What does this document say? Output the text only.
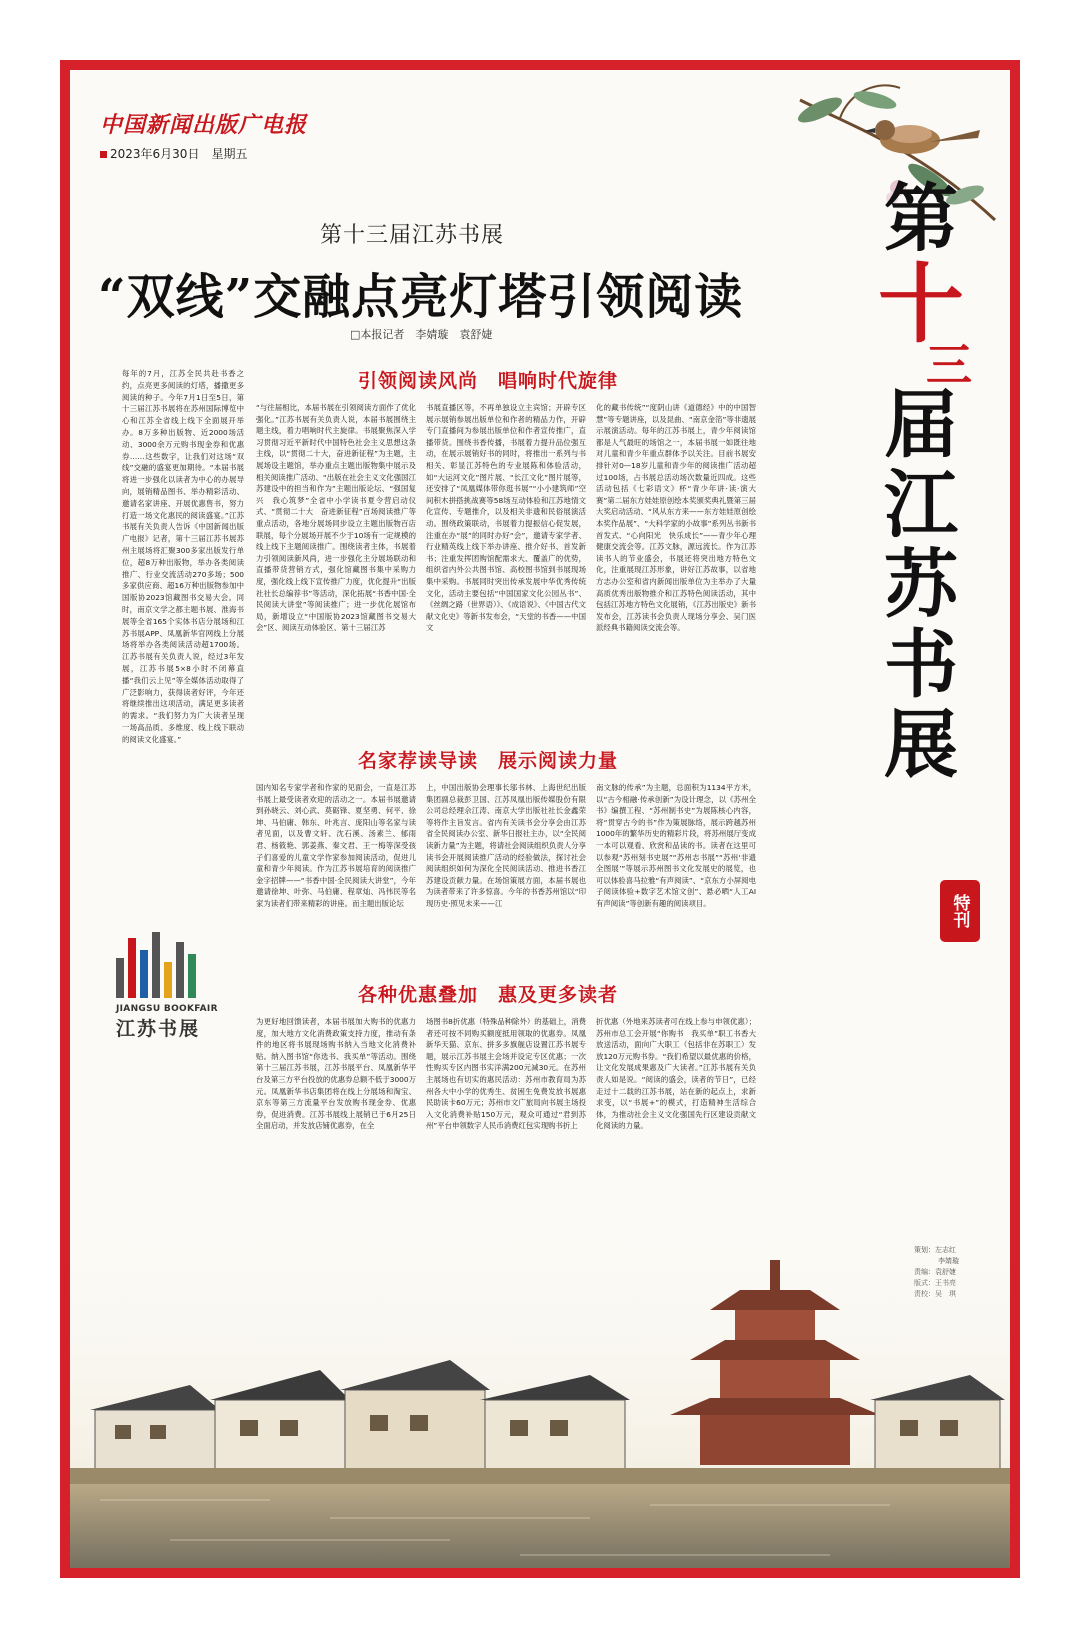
中国新闻出版广电报
2023年6月30日　 星期五
第十三届江苏书展
“双线”交融点亮灯塔引领阅读
□本报记者　李婧璇　袁舒婕
第
十
三
届
江
苏
书
展
特刊
每年的7月，江苏全民共赴书香之约，点亮更多阅读的灯塔，播撒更多阅读的种子。今年7月1日至5日，第十三届江苏书展将在苏州国际博览中心和江苏全省线上线下全面展开举办。8万多种出版物、近2000场活动、3000余万元购书现金券和优惠券……这些数字，让我们对这场“双线”交融的盛宴更加期待。“本届书展将进一步强化以读者为中心的办展导向，展销精品图书、举办精彩活动、邀请名家讲座、开展优惠售书，努力打造一场文化惠民的阅读盛宴。”江苏书展有关负责人告诉《中国新闻出版广电报》记者，第十三届江苏书展苏州主展场将汇聚300多家出版发行单位，超8万种出版物，举办各类阅读推广、行业交流活动270多场；500多家供应商、超16万种出版物参加中国版协2023馆藏图书交易大会。同时，南京文学之都主题书展、淮海书展等全省165个实体书店分展场和江苏书展APP、凤凰新华官网线上分展场将举办各类阅读活动超1700场。江苏书展有关负责人说，经过3年发展，江苏书展5×8小时不闭幕直播“我们云上见”等全媒体活动取得了广泛影响力，获得读者好评，今年还将继续推出这项活动，满足更多读者的需求。“我们努力为广大读者呈现一场高品质、多维度、线上线下联动的阅读文化盛宴。”
引领阅读风尚　唱响时代旋律
“与往届相比，本届书展在引领阅读方面作了优化强化。”江苏书展有关负责人说，本届书展围绕主题主线，着力唱响时代主旋律。书展聚焦深入学习贯彻习近平新时代中国特色社会主义思想这条主线，以“贯彻二十大，奋进新征程”为主题，主展场设主题馆，举办重点主题出版物集中展示及相关阅读推广活动、“出版在社会主义文化强国江苏建设中的担当和作为”主题出版论坛、“强国复兴　我心筑梦”全省中小学读书夏令营启动仪式、“贯彻二十大　奋进新征程”百场阅读推广等重点活动，各地分展场同步设立主题出版物百店联展，每个分展场开展不少于10场有一定规模的线上线下主题阅读推广。围绕读者主体，书展着力引领阅读新风尚，进一步强化主分展场联动和直播带货营销方式，强化馆藏图书集中采购力度，强化线上线下宣传推广力度，优化提升“出版社社长总编荐书”等活动，深化拓展“书香中国·全民阅读大讲堂”等阅读推广；进一步优化展馆布局，新增设立“中国版协2023馆藏图书交易大会”区、阅读互动体验区、第十三届江苏
书展直播区等，不再单独设立主宾馆；开辟专区展示展销参展出版单位和作者的精品力作，开辟专门直播间为参展出版单位和作者宣传推广，直播带货。围绕书香传播，书展着力提升品位强互动，在展示展销好书的同时，将推出一系列与书相关、彰显江苏特色的专业展陈和体验活动，如“大运河文化”图片展、“长江文化”图片展等，还安排了“凤凰媒体带你逛书展”“小小建筑师”空间积木拼搭挑战赛等58场互动体验和江苏地情文化宣传、专题推介，以及相关非遗和民俗展演活动。围绕政策联动，书展着力提振信心促发展，注重在办“展”的同时办好“会”，邀请专家学者、行业精英线上线下举办讲座、推介好书、首发新书；注重发挥团购馆配需求大、覆盖广的优势，组织省内外公共图书馆、高校图书馆到书展现场集中采购。书展同时突出传承发展中华优秀传统文化，活动主要包括“中国国家文化公园丛书”、《丝绸之路（世界语）》、《成语说》、《中国古代文献文化史》等新书发布会，“天堂的书香——中国文
化的藏书传统”“度阴山讲《道德经》中的中国智慧”等专题讲座，以及昆曲、“南京金箔”等非遗展示展演活动。每年的江苏书展上，青少年阅读馆都是人气最旺的场馆之一，本届书展一如既往地对儿童和青少年重点群体予以关注。目前书展安排针对0—18岁儿童和青少年的阅读推广活动超过100场，占书展总活动场次数量近四成。这些活动包括《七彩语文》杯“青少年讲·读·演大赛”第二届东方娃娃原创绘本奖颁奖典礼暨第三届大奖启动活动、“风从东方来——东方娃娃原创绘本奖作品展”、“大科学家的小故事”系列丛书新书首发式、“心向阳光　快乐成长”——青少年心理健康交流会等。江苏文脉，源远流长。作为江苏读书人的节业盛会，书展还将突出地方特色文化，注重展现江苏形象，讲好江苏故事，以省地方志办公室和省内新闻出版单位为主举办了大量高质优秀出版物推介和江苏特色阅读活动，其中包括江苏地方特色文化展销，《江苏出版史》新书发布会，江苏读书会负责人现场分享会、吴门医派经典书籍阅读交流会等。
名家荐读导读　展示阅读力量
国内知名专家学者和作家的见面会，一直是江苏书展上最受读者欢迎的活动之一。本届书展邀请到孙晓云、刘心武、莫砺锋、夏坚勇、何平、徐坤、马伯庸、韩东、叶兆言、庞阳山等名家与读者见面，以及曹文轩、沈石溪、汤素兰、郁雨君、杨筱艳、郭姜燕、秦文君、王一梅等深受孩子们喜爱的儿童文学作家参加阅读活动，促进儿童和青少年阅读。作为江苏书展培育的阅读推广金字招牌——“书香中国·全民阅读大讲堂”，今年邀请徐坤、叶弥、马伯庸、程章灿、冯伟民等名家为读者们带来精彩的讲座。而主题出版论坛
上，中国出版协会理事长邬书林、上海世纪出版集团副总裁彭卫国、江苏凤凰出版传媒股份有限公司总经理佘江涛、南京大学出版社社长金鑫荣等将作主旨发言。省内有关读书会分享会由江苏省全民阅读办公室、新华日报社主办，以“全民阅读新力量”为主题，将请社会阅读组织负责人分享读书会开展阅读推广活动的经验做法，探讨社会阅读组织如何为深化全民阅读活动、推进书香江苏建设贡献力量。在场馆策展方面，本届书展也为读者带来了许多惊喜。今年的书香苏州馆以“印现历史·照见未来——江
南文脉的传承”为主题，总面积为1134平方米，以“古今相融·传承创新”为设计理念，以《苏州全书》编撰工程、“苏州制书史”为展陈核心内容，将“贯穿古今的书”作为策展脉络，展示跨越苏州1000年的繁华历史的精彩片段，将苏州展厅变成一本可以观看、欣赏和品读的书。读者在这里可以参观“苏州刻书史展”“苏州志书展”“苏州‘非遗全图展’”等展示苏州图书文化发展史的展览，也可以体验喜马拉雅“有声阅读”、“京东方小屏阅电子阅读体验+数字艺术馆文创”、悬必晒“人工AI有声阅读”等创新有趣的阅读项目。
各种优惠叠加　惠及更多读者
为更好地回馈读者，本届书展加大购书的优惠力度，加大地方文化消费政策支持力度，推动有条件的地区将书展现场购书纳入当地文化消费补贴。纳入图书馆“你选书、我买单”等活动。围绕第十三届江苏书展，江苏书展平台、凤凰新华平台及第三方平台投放的优惠券总额不低于3000万元。凤凰新华书店集团将在线上分展场和淘宝、京东等第三方流量平台发放购书现金券、优惠券，促进消费。江苏书展线上展销已于6月25日全面启动，并发放店铺优惠券，在全
场图书8折优惠（特殊品种除外）的基础上，消费者还可按不同购买额度抵用领取的优惠券。凤凰新华天猫、京东、拼多多旗舰店设置江苏书展专题，展示江苏书展主会场并设定专区优惠；一次性购买专区内图书实洋满200元减30元。在苏州主展场也有切实的惠民活动：苏州市教育局为苏州各大中小学的优秀生、贫困生免费发放书展惠民助读卡60万元；苏州市文广旅局向书展主场投入文化消费补贴150万元，观众可通过“君到苏州”平台申领数字人民币消费红包实现购书折上
折优惠（外地来苏读者可在线上参与申领优惠）；苏州市总工会开展“你购书　我买单”职工书香大放送活动，面向广大职工（包括非在苏职工）发放120万元购书券。“我们希望以最优惠的价格，让文化发展成果惠及广大读者。”江苏书展有关负责人如是说。“阅读的盛会，读者的节日”，已经走过十二载的江苏书展，站在新的起点上，求新求变，以“书展+”的模式，打造精神生活综合体，为推动社会主义文化强国先行区建设贡献文化阅读的力量。
JIANGSU BOOKFAIR
江苏书展
